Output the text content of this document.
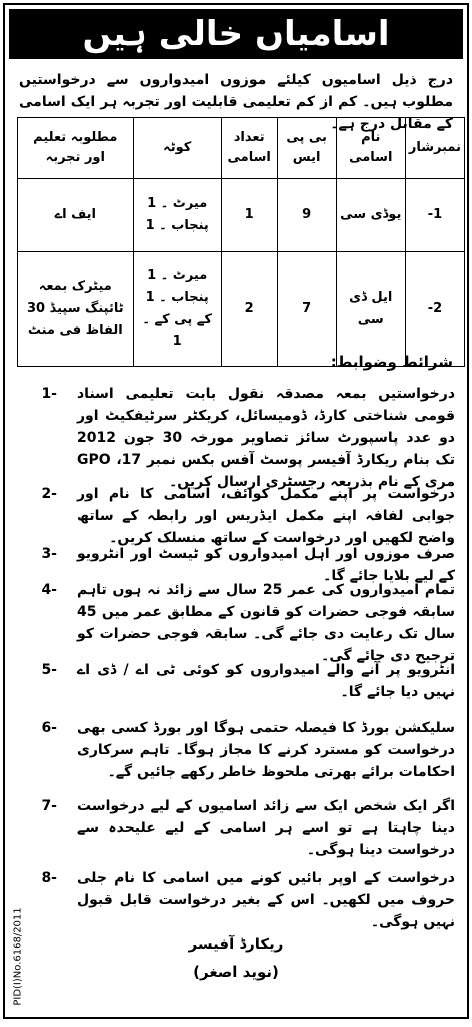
اسامیاں خالی ہیں
درج ذیل اسامیوں کیلئے موزوں امیدواروں سے درخواستیں مطلوب ہیں۔ کم از کم تعلیمی قابلیت اور تجربہ ہر ایک اسامی کے مقابل درج ہے۔
نمبرشار	نام اسامی	بی پی ایس	تعداد اسامی	کوٹہ	مطلوبہ تعلیم اور تجربہ
-1	یوڈی سی	9	1	میرٹ ۔ 1 پنجاب ۔ 1	ایف اے
-2	ایل ڈی سی	7	2	میرٹ ۔ 1 پنجاب ۔ 1 کے پی کے ۔ 1	میٹرک بمعہ ٹائپنگ سپیڈ 30 الفاظ فی منٹ
شرائط وضوابط:
درخواستیں بمعہ مصدقہ نقول بابت تعلیمی اسناد قومی شناختی کارڈ، ڈومیسائل، کریکٹر سرٹیفکیٹ اور دو عدد پاسپورٹ سائز تصاویر مورخہ 30 جون 2012 تک بنام ریکارڈ آفیسر پوسٹ آفس بکس نمبر 17، GPO مری کے نام بذریعہ رجسٹری ارسال کریں۔
1-
درخواست پر اپنے مکمل کوائف، اسامی کا نام اور جوابی لفافہ اپنے مکمل ایڈریس اور رابطہ کے ساتھ واضح لکھیں اور درخواست کے ساتھ منسلک کریں۔
2-
صرف موزوں اور اہل امیدواروں کو ٹیسٹ اور انٹرویو کے لیے بلایا جائے گا۔
3-
تمام امیدواروں کی عمر 25 سال سے زائد نہ ہوں تاہم سابقہ فوجی حضرات کو قانون کے مطابق عمر میں 45 سال تک رعایت دی جائے گی۔ سابقہ فوجی حضرات کو ترجیح دی جائے گی۔
4-
انٹرویو پر آنے والے امیدواروں کو کوئی ٹی اے / ڈی اے نہیں دیا جائے گا۔
5-
سلیکشن بورڈ کا فیصلہ حتمی ہوگا اور بورڈ کسی بھی درخواست کو مسترد کرنے کا مجاز ہوگا۔ تاہم سرکاری احکامات برائے بھرتی ملحوظ خاطر رکھے جائیں گے۔
6-
اگر ایک شخص ایک سے زائد اسامیوں کے لیے درخواست دینا چاہتا ہے تو اسے ہر اسامی کے لیے علیحدہ سے درخواست دینا ہوگی۔
7-
درخواست کے اوپر بائیں کونے میں اسامی کا نام جلی حروف میں لکھیں۔ اس کے بغیر درخواست قابل قبول نہیں ہوگی۔
8-
ریکارڈ آفیسر
(نوید اصغر)
PID(I)No.6168/2011
